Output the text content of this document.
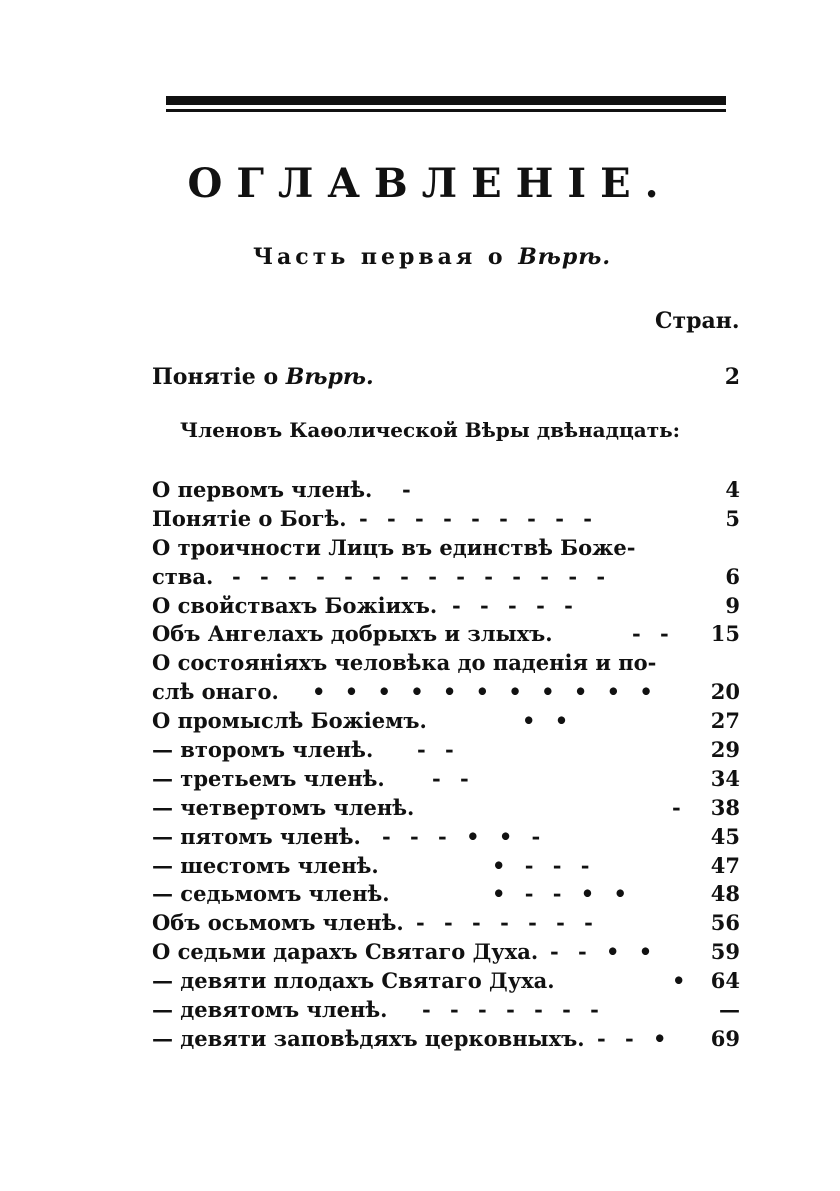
ОГЛАВЛЕНІЕ.
Часть первая о Вѣрѣ.
Стран.
Понятіе о Вѣрѣ.	2
Членовъ Каѳолической Вѣры двѣнадцать:
О первомъ членѣ. -	4
Понятіе о Богѣ. - - - - - - - - -	5
О троичности Лицъ въ единствѣ Боже-
ства. - - - - - - - - - - - - - -	6
О свойствахъ Божіихъ. - - - - -	9
Объ Ангелахъ добрыхъ и злыхъ.	- - 15
О состояніяхъ человѣка до паденія и по-
слѣ онаго. • • • • • • • • • • • 20
О промыслѣ Божіемъ.	• •	27
— второмъ членѣ. - -	29
— третьемъ членѣ. - -	34
— четвертомъ членѣ.	- 38
— пятомъ членѣ. - - - • • -	45
— шестомъ членѣ.	• - - -	47
— седьмомъ членѣ.	• - - • •	48
Объ осьмомъ членѣ. - - - - - - -	56
О седьми дарахъ Святаго Духа. - - • •	59
— девяти плодахъ Святаго Духа.	• 64
— девятомъ членѣ. - - - - - - -	—
— девяти заповѣдяхъ церковныхъ. - - • 69
